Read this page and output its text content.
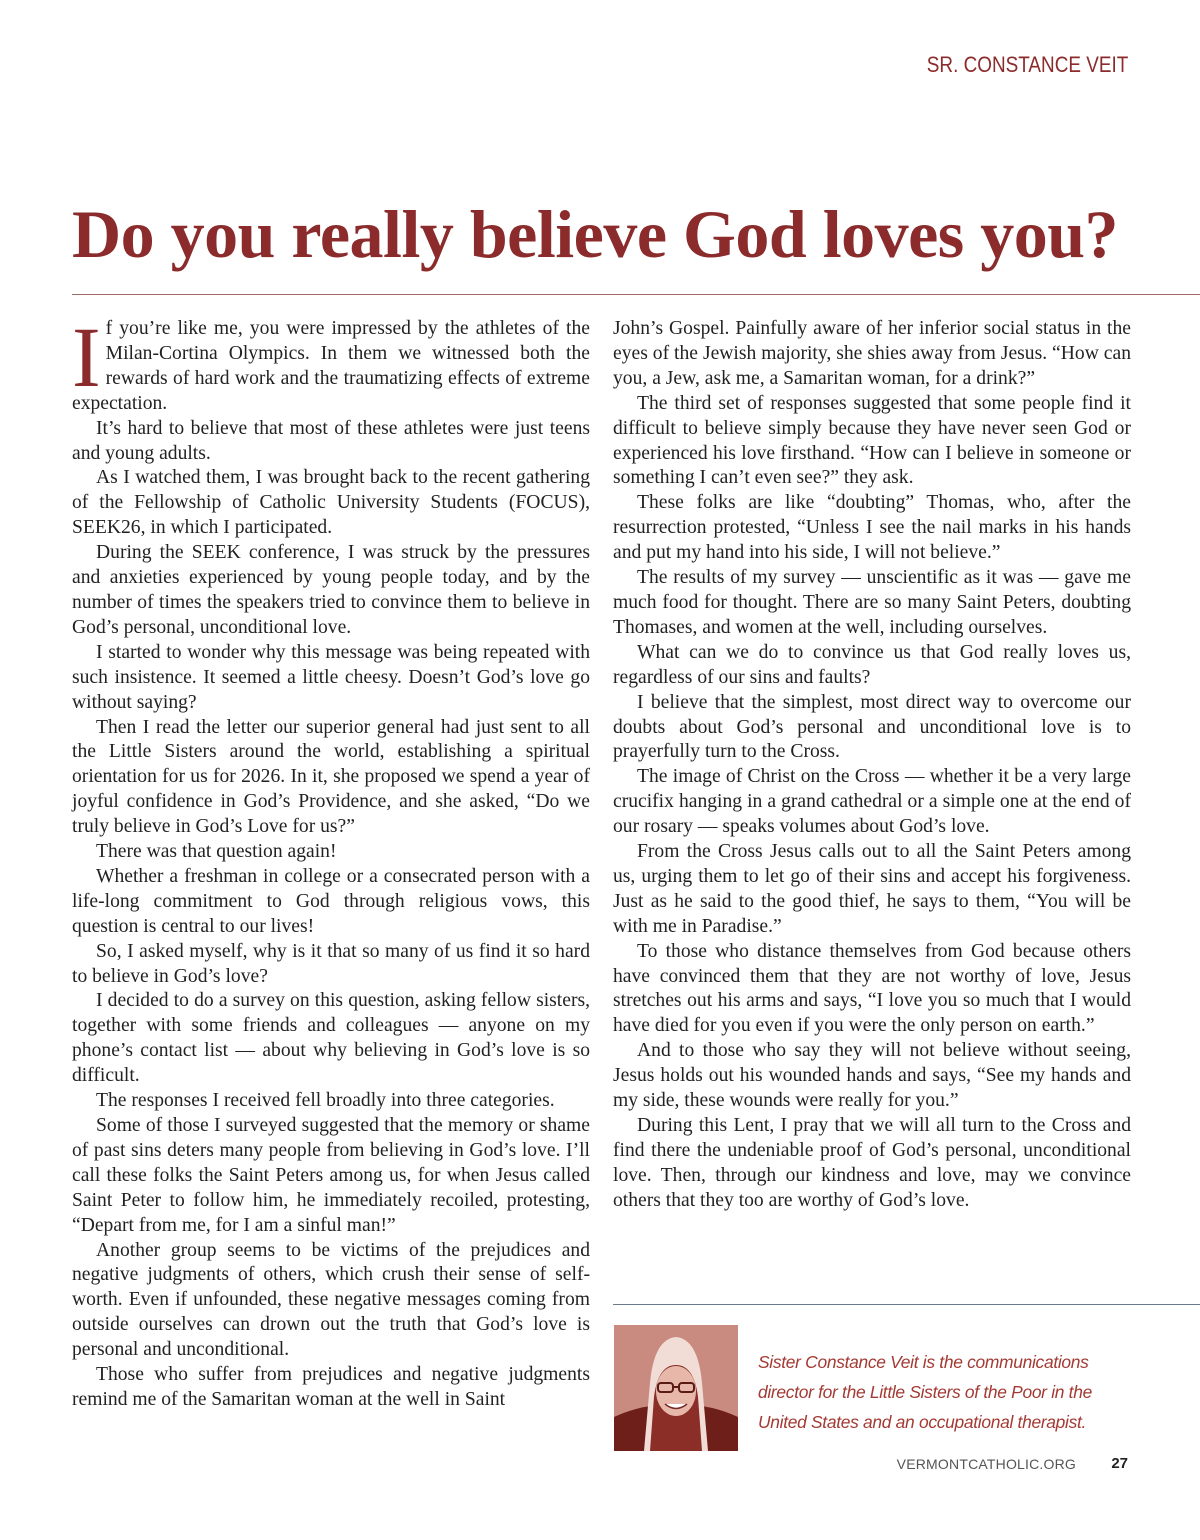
SR. CONSTANCE VEIT
Do you really believe God loves you?

If you’re like me, you were impressed by the athletes of the Milan-Cortina Olympics. In them we witnessed both the rewards of hard work and the traumatizing effects of extreme expectation.

It’s hard to believe that most of these athletes were just teens and young adults.

As I watched them, I was brought back to the recent gathering of the Fellowship of Catholic University Students (FOCUS), SEEK26, in which I participated.

During the SEEK conference, I was struck by the pressures and anxieties experienced by young people today, and by the number of times the speakers tried to convince them to believe in God’s personal, unconditional love.

I started to wonder why this message was being repeated with such insistence. It seemed a little cheesy. Doesn’t God’s love go without saying?

Then I read the letter our superior general had just sent to all the Little Sisters around the world, establishing a spiritual orientation for us for 2026. In it, she proposed we spend a year of joyful confidence in God’s Providence, and she asked, “Do we truly believe in God’s Love for us?”

There was that question again!

Whether a freshman in college or a consecrated person with a life-long commitment to God through religious vows, this question is central to our lives!

So, I asked myself, why is it that so many of us find it so hard to believe in God’s love?

I decided to do a survey on this question, asking fellow sisters, together with some friends and colleagues — anyone on my phone’s contact list — about why believing in God’s love is so difficult.

The responses I received fell broadly into three categories.

Some of those I surveyed suggested that the memory or shame of past sins deters many people from believing in God’s love. I’ll call these folks the Saint Peters among us, for when Jesus called Saint Peter to follow him, he immediately recoiled, protesting, “Depart from me, for I am a sinful man!”

Another group seems to be victims of the prejudices and negative judgments of others, which crush their sense of self-worth. Even if unfounded, these negative messages coming from outside ourselves can drown out the truth that God’s love is personal and unconditional.

Those who suffer from prejudices and negative judgments remind me of the Samaritan woman at the well in Saint

John’s Gospel. Painfully aware of her inferior social status in the eyes of the Jewish majority, she shies away from Jesus. “How can you, a Jew, ask me, a Samaritan woman, for a drink?”

The third set of responses suggested that some people find it difficult to believe simply because they have never seen God or experienced his love firsthand. “How can I believe in someone or something I can’t even see?” they ask.

These folks are like “doubting” Thomas, who, after the resurrection protested, “Unless I see the nail marks in his hands and put my hand into his side, I will not believe.”

The results of my survey — unscientific as it was — gave me much food for thought. There are so many Saint Peters, doubting Thomases, and women at the well, including ourselves.

What can we do to convince us that God really loves us, regardless of our sins and faults?

I believe that the simplest, most direct way to overcome our doubts about God’s personal and unconditional love is to prayerfully turn to the Cross.

The image of Christ on the Cross — whether it be a very large crucifix hanging in a grand cathedral or a simple one at the end of our rosary — speaks volumes about God’s love.

From the Cross Jesus calls out to all the Saint Peters among us, urging them to let go of their sins and accept his forgiveness. Just as he said to the good thief, he says to them, “You will be with me in Paradise.”

To those who distance themselves from God because others have convinced them that they are not worthy of love, Jesus stretches out his arms and says, “I love you so much that I would have died for you even if you were the only person on earth.”

And to those who say they will not believe without seeing, Jesus holds out his wounded hands and says, “See my hands and my side, these wounds were really for you.”

During this Lent, I pray that we will all turn to the Cross and find there the undeniable proof of God’s personal, unconditional love. Then, through our kindness and love, may we convince others that they too are worthy of God’s love.

Sister Constance Veit is the communications director for the Little Sisters of the Poor in the United States and an occupational therapist.
VERMONTCATHOLIC.ORG 27
